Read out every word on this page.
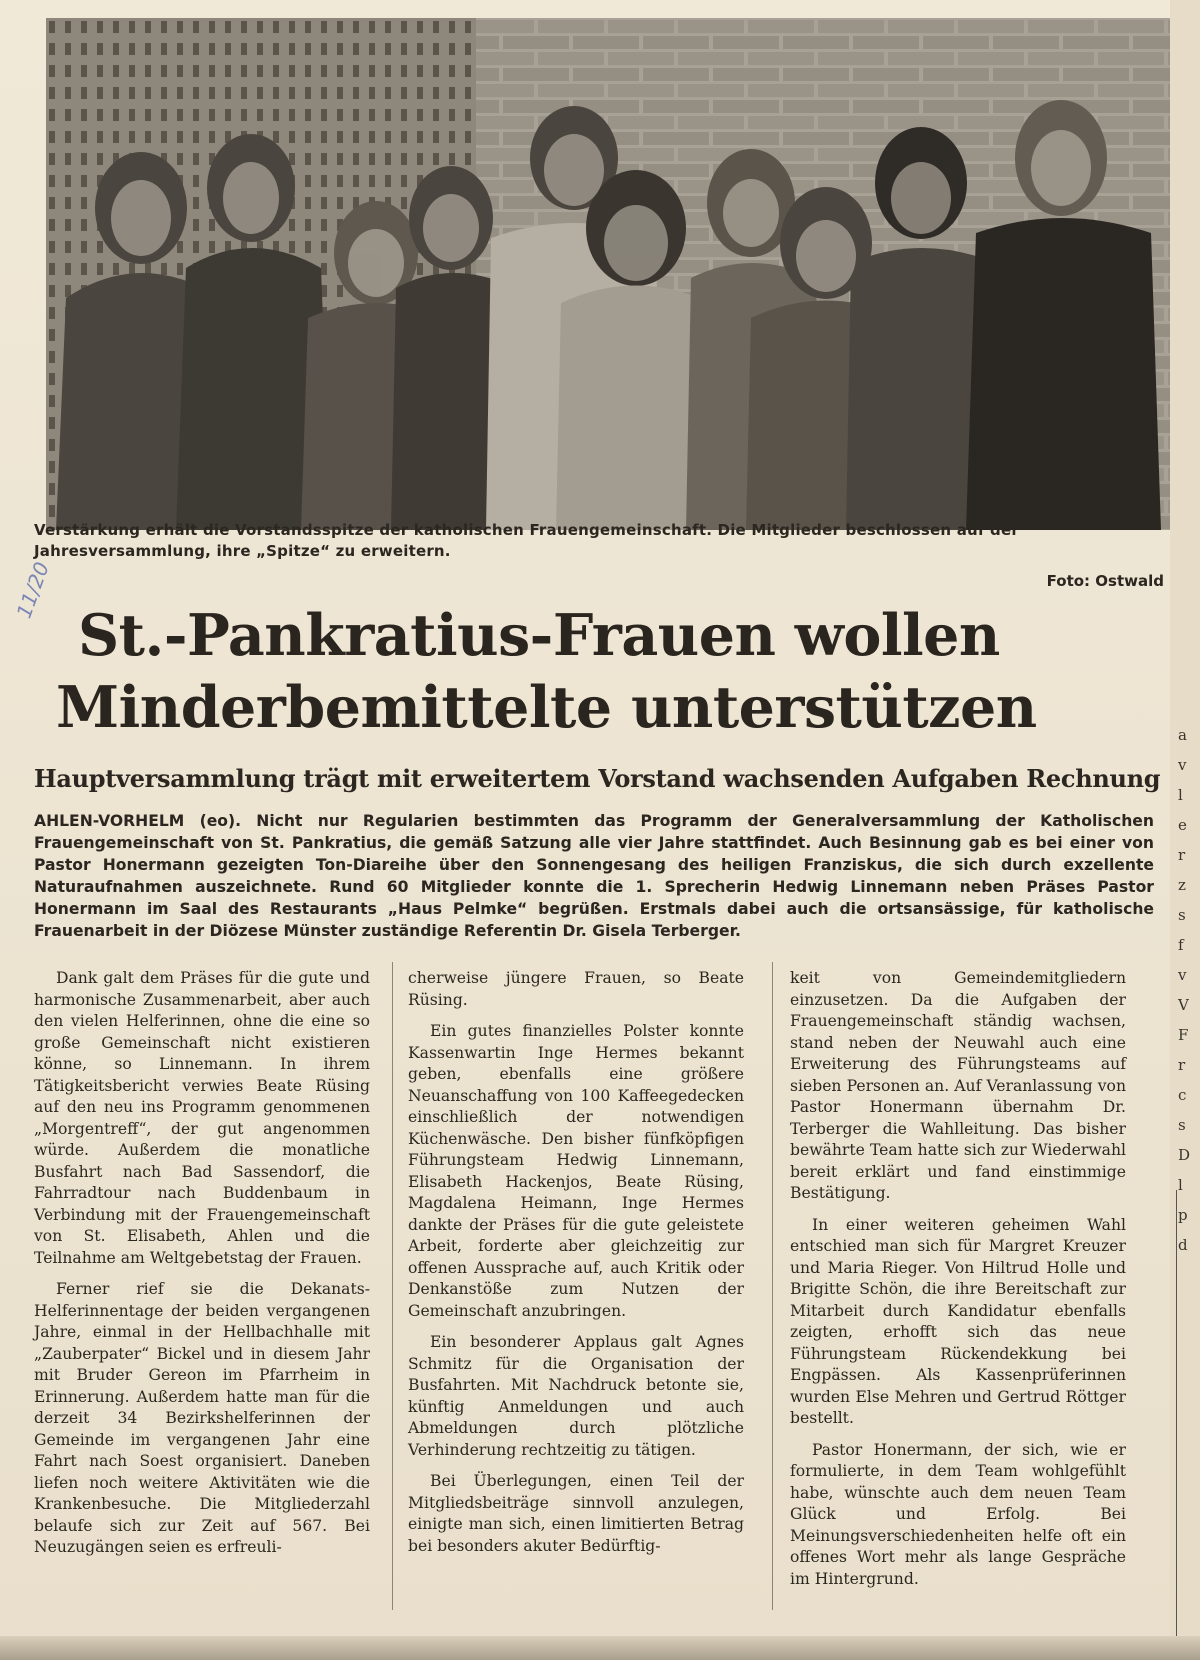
Verstärkung erhält die Vorstandsspitze der katholischen Frauengemeinschaft. Die Mitglieder beschlossen auf der Jahresversammlung, ihre „Spitze“ zu erweitern.
Foto: Ostwald
11/20
St.-Pankratius-Frauen wollen
Minderbemittelte unterstützen
Hauptversammlung trägt mit erweitertem Vorstand wachsenden Aufgaben Rechnung
AHLEN-VORHELM (eo). Nicht nur Regularien bestimmten das Programm der Generalversammlung der Katholischen Frauengemeinschaft von St. Pankratius, die gemäß Satzung alle vier Jahre stattfindet. Auch Besinnung gab es bei einer von Pastor Honermann gezeigten Ton-Diareihe über den Sonnengesang des heiligen Franziskus, die sich durch exzellente Naturaufnahmen auszeichnete. Rund 60 Mitglieder konnte die 1. Sprecherin Hedwig Linnemann neben Präses Pastor Honermann im Saal des Restaurants „Haus Pelmke“ begrüßen. Erstmals dabei auch die ortsansässige, für katholische Frauenarbeit in der Diözese Münster zuständige Referentin Dr. Gisela Terberger.

Dank galt dem Präses für die gute und harmonische Zusammenarbeit, aber auch den vielen Helferinnen, ohne die eine so große Gemeinschaft nicht existieren könne, so Linnemann. In ihrem Tätigkeitsbericht verwies Beate Rüsing auf den neu ins Programm genommenen „Morgentreff“, der gut angenommen würde. Außerdem die monatliche Busfahrt nach Bad Sassendorf, die Fahrradtour nach Buddenbaum in Verbindung mit der Frauengemeinschaft von St. Elisabeth, Ahlen und die Teilnahme am Weltgebetstag der Frauen.

Ferner rief sie die Dekanats-Helferinnentage der beiden vergangenen Jahre, einmal in der Hellbachhalle mit „Zauberpater“ Bickel und in diesem Jahr mit Bruder Gereon im Pfarrheim in Erinnerung. Außerdem hatte man für die derzeit 34 Bezirkshelferinnen der Gemeinde im vergangenen Jahr eine Fahrt nach Soest organisiert. Daneben liefen noch weitere Aktivitäten wie die Krankenbesuche. Die Mitgliederzahl belaufe sich zur Zeit auf 567. Bei Neuzugängen seien es erfreuli-

cherweise jüngere Frauen, so Beate Rüsing.

Ein gutes finanzielles Polster konnte Kassenwartin Inge Hermes bekannt geben, ebenfalls eine größere Neuanschaffung von 100 Kaffeegedecken einschließlich der notwendigen Küchenwäsche. Den bisher fünfköpfigen Führungsteam Hedwig Linnemann, Elisabeth Hackenjos, Beate Rüsing, Magdalena Heimann, Inge Hermes dankte der Präses für die gute geleistete Arbeit, forderte aber gleichzeitig zur offenen Aussprache auf, auch Kritik oder Denkanstöße zum Nutzen der Gemeinschaft anzubringen.

Ein besonderer Applaus galt Agnes Schmitz für die Organisation der Busfahrten. Mit Nachdruck betonte sie, künftig Anmeldungen und auch Abmeldungen durch plötzliche Verhinderung rechtzeitig zu tätigen.

Bei Überlegungen, einen Teil der Mitgliedsbeiträge sinnvoll anzulegen, einigte man sich, einen limitierten Betrag bei besonders akuter Bedürftig-

keit von Gemeindemitgliedern einzusetzen. Da die Aufgaben der Frauengemeinschaft ständig wachsen, stand neben der Neuwahl auch eine Erweiterung des Führungsteams auf sieben Personen an. Auf Veranlassung von Pastor Honermann übernahm Dr. Terberger die Wahlleitung. Das bisher bewährte Team hatte sich zur Wiederwahl bereit erklärt und fand einstimmige Bestätigung.

In einer weiteren geheimen Wahl entschied man sich für Margret Kreuzer und Maria Rieger. Von Hiltrud Holle und Brigitte Schön, die ihre Bereitschaft zur Mitarbeit durch Kandidatur ebenfalls zeigten, erhofft sich das neue Führungsteam Rückendekkung bei Engpässen. Als Kassenprüferinnen wurden Else Mehren und Gertrud Röttger bestellt.

Pastor Honermann, der sich, wie er formulierte, in dem Team wohlgefühlt habe, wünschte auch dem neuen Team Glück und Erfolg. Bei Meinungsverschiedenheiten helfe oft ein offenes Wort mehr als lange Gespräche im Hintergrund.

a v l e r z s f v V F r c s D l p d
